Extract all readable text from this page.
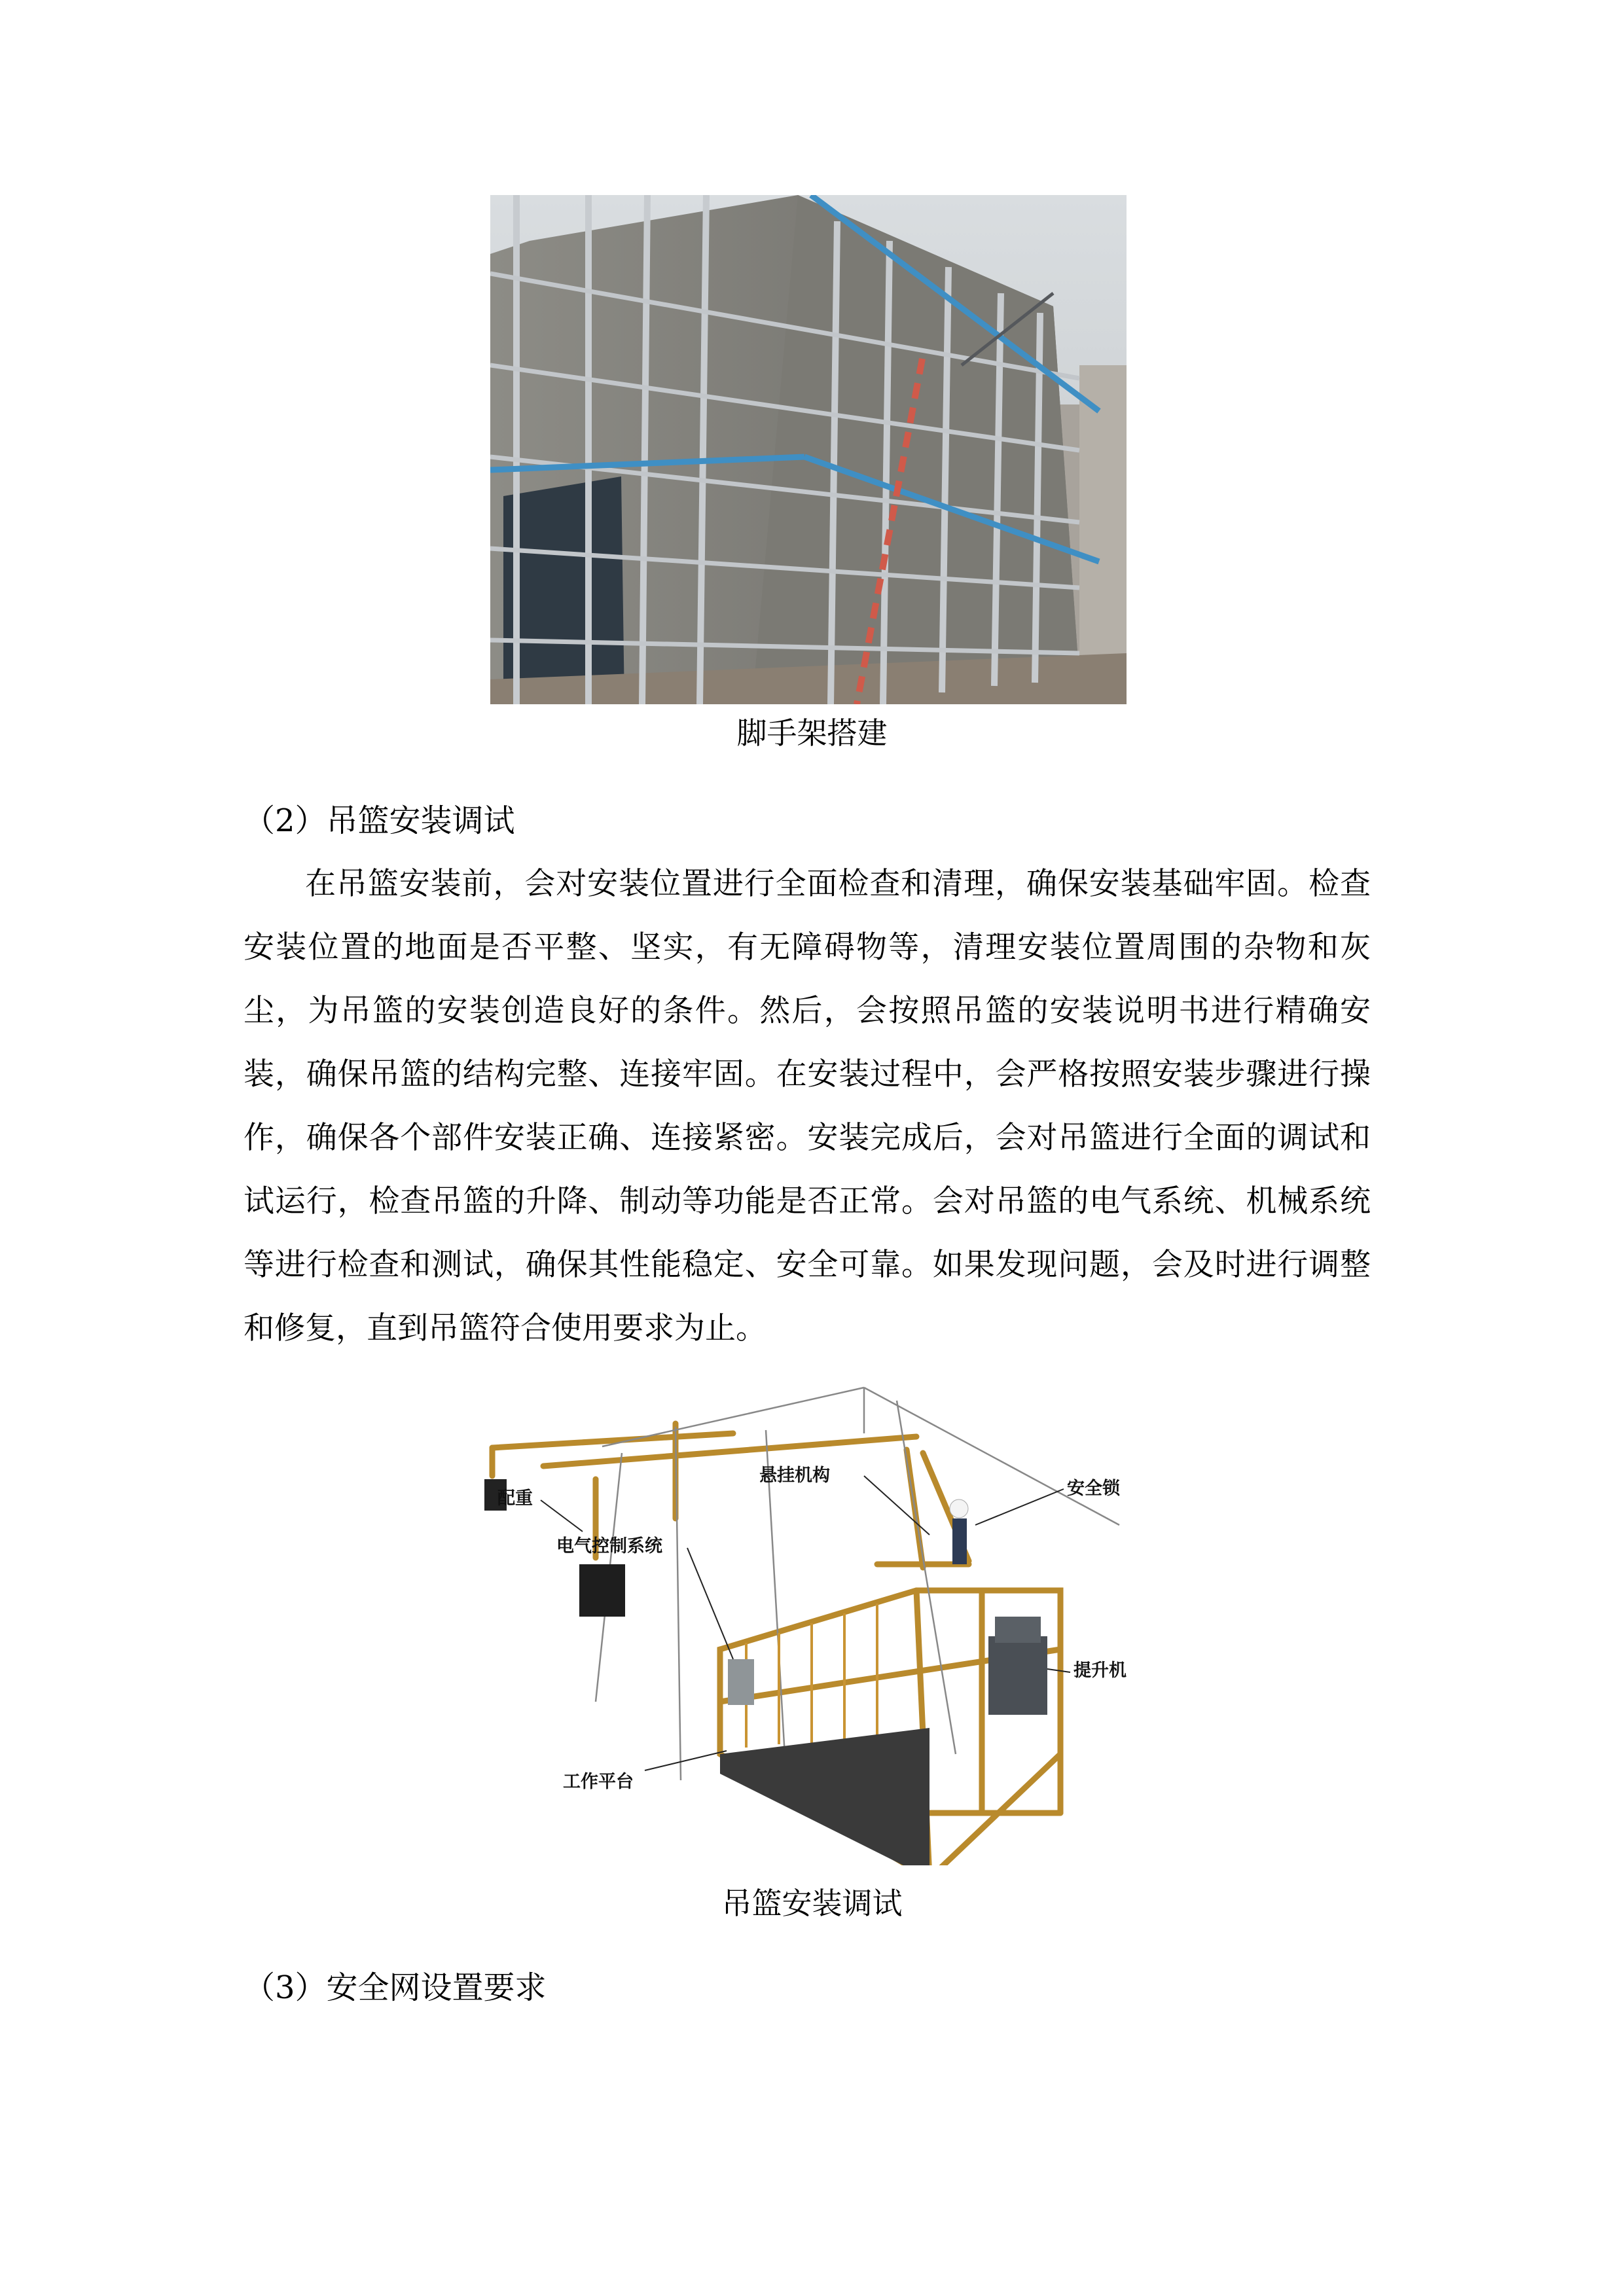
脚手架搭建
（2）吊篮安装调试
在吊篮安装前，会对安装位置进行全面检查和清理，确保安装基础牢固。检查安装位置的地面是否平整、坚实，有无障碍物等，清理安装位置周围的杂物和灰尘，为吊篮的安装创造良好的条件。然后，会按照吊篮的安装说明书进行精确安装，确保吊篮的结构完整、连接牢固。在安装过程中，会严格按照安装步骤进行操作，确保各个部件安装正确、连接紧密。安装完成后，会对吊篮进行全面的调试和试运行，检查吊篮的升降、制动等功能是否正常。会对吊篮的电气系统、机械系统等进行检查和测试，确保其性能稳定、安全可靠。如果发现问题，会及时进行调整和修复，直到吊篮符合使用要求为止。
悬挂机构
安全锁
配重
电气控制系统
提升机
工作平台
吊篮安装调试
（3）安全网设置要求
